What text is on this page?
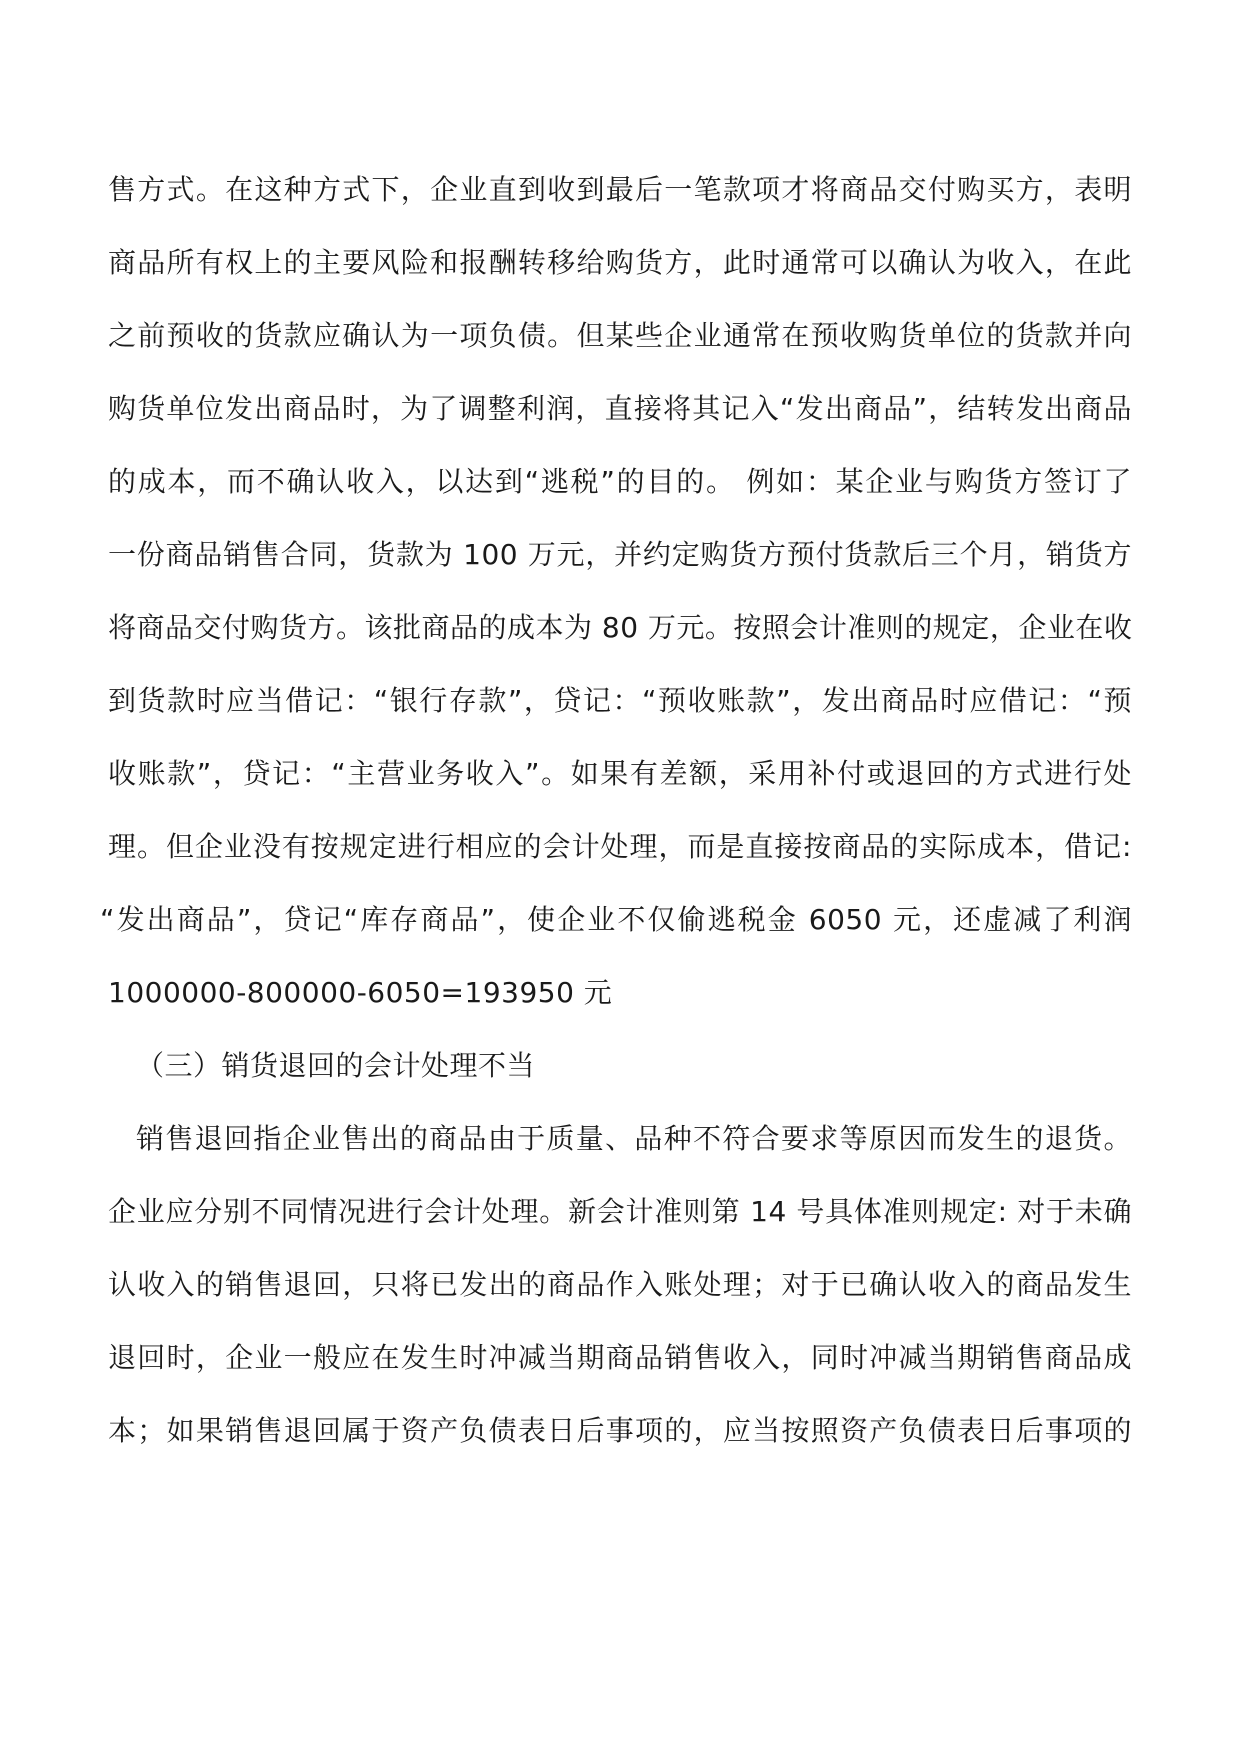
售方式。在这种方式下，企业直到收到最后一笔款项才将商品交付购买方，表明
商品所有权上的主要风险和报酬转移给购货方，此时通常可以确认为收入，在此
之前预收的货款应确认为一项负债。但某些企业通常在预收购货单位的货款并向
购货单位发出商品时，为了调整利润，直接将其记入“发出商品”，结转发出商品
的成本，而不确认收入，以达到“逃税”的目的。 例如：某企业与购货方签订了
一份商品销售合同，货款为 100 万元，并约定购货方预付货款后三个月，销货方
将商品交付购货方。该批商品的成本为 80 万元。按照会计准则的规定，企业在收
到货款时应当借记：“银行存款”，贷记：“预收账款”，发出商品时应借记：“预
收账款”，贷记：“主营业务收入”。如果有差额，采用补付或退回的方式进行处
理。但企业没有按规定进行相应的会计处理，而是直接按商品的实际成本，借记:
“发出商品”，贷记“库存商品”，使企业不仅偷逃税金 6050 元，还虚减了利润
1000000-800000-6050=193950 元
（三）销货退回的会计处理不当
销售退回指企业售出的商品由于质量、品种不符合要求等原因而发生的退货。
企业应分别不同情况进行会计处理。新会计准则第 14 号具体准则规定: 对于未确
认收入的销售退回，只将已发出的商品作入账处理；对于已确认收入的商品发生
退回时，企业一般应在发生时冲减当期商品销售收入，同时冲减当期销售商品成
本；如果销售退回属于资产负债表日后事项的，应当按照资产负债表日后事项的
